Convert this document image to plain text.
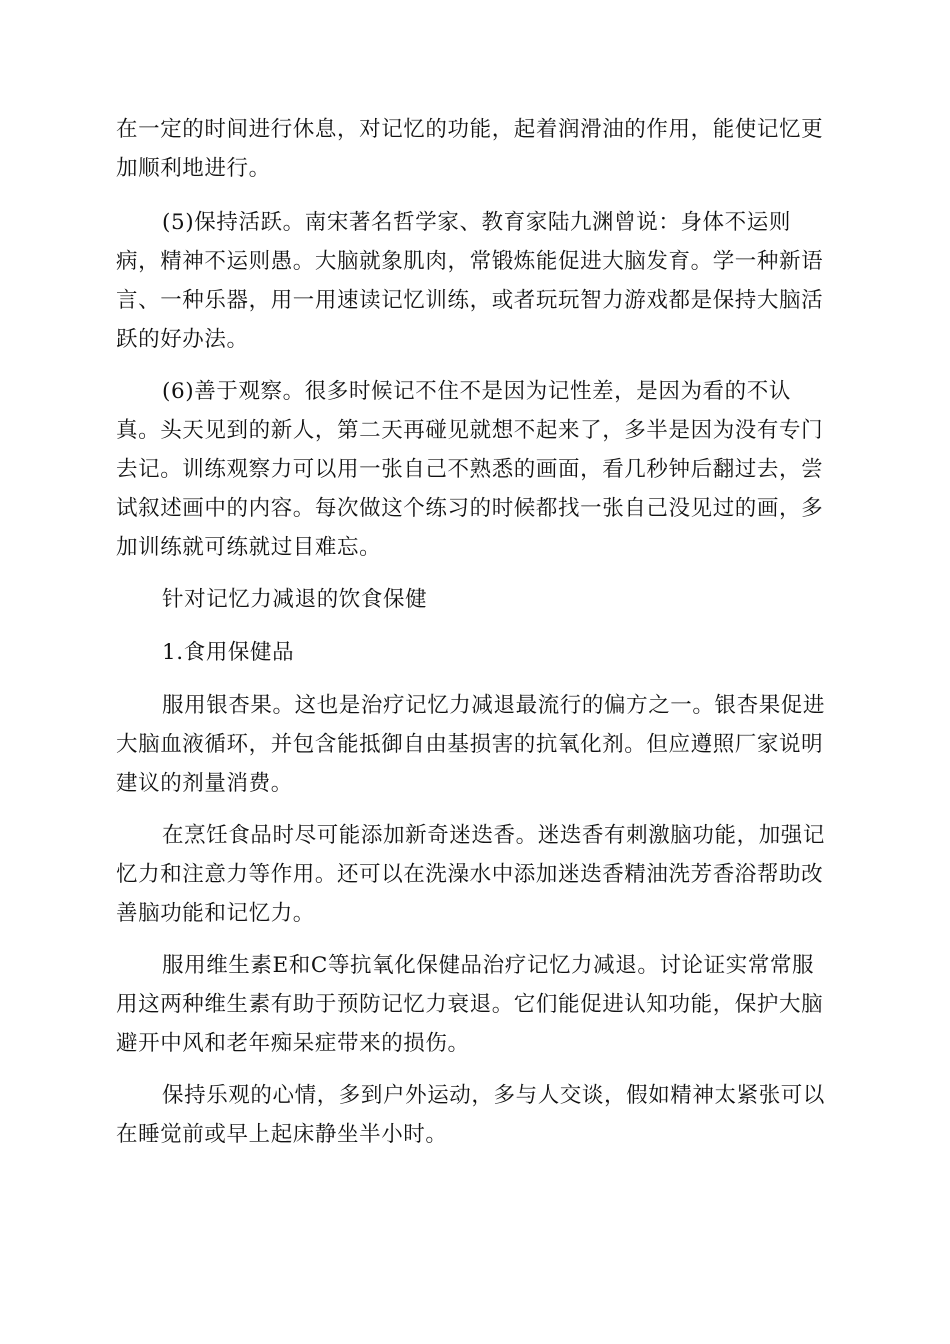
在一定的时间进行休息，对记忆的功能，起着润滑油的作用，能使记忆更
加顺利地进行。
(5)保持活跃。南宋著名哲学家、教育家陆九渊曾说：身体不运则
病，精神不运则愚。大脑就象肌肉，常锻炼能促进大脑发育。学一种新语
言、一种乐器，用一用速读记忆训练，或者玩玩智力游戏都是保持大脑活
跃的好办法。
(6)善于观察。很多时候记不住不是因为记性差，是因为看的不认
真。头天见到的新人，第二天再碰见就想不起来了，多半是因为没有专门
去记。训练观察力可以用一张自己不熟悉的画面，看几秒钟后翻过去，尝
试叙述画中的内容。每次做这个练习的时候都找一张自己没见过的画，多
加训练就可练就过目难忘。
针对记忆力减退的饮食保健
1.食用保健品
服用银杏果。这也是治疗记忆力减退最流行的偏方之一。银杏果促进
大脑血液循环，并包含能抵御自由基损害的抗氧化剂。但应遵照厂家说明
建议的剂量消费。
在烹饪食品时尽可能添加新奇迷迭香。迷迭香有刺激脑功能，加强记
忆力和注意力等作用。还可以在洗澡水中添加迷迭香精油洗芳香浴帮助改
善脑功能和记忆力。
服用维生素E和C等抗氧化保健品治疗记忆力减退。讨论证实常常服
用这两种维生素有助于预防记忆力衰退。它们能促进认知功能，保护大脑
避开中风和老年痴呆症带来的损伤。
保持乐观的心情，多到户外运动，多与人交谈，假如精神太紧张可以
在睡觉前或早上起床静坐半小时。
